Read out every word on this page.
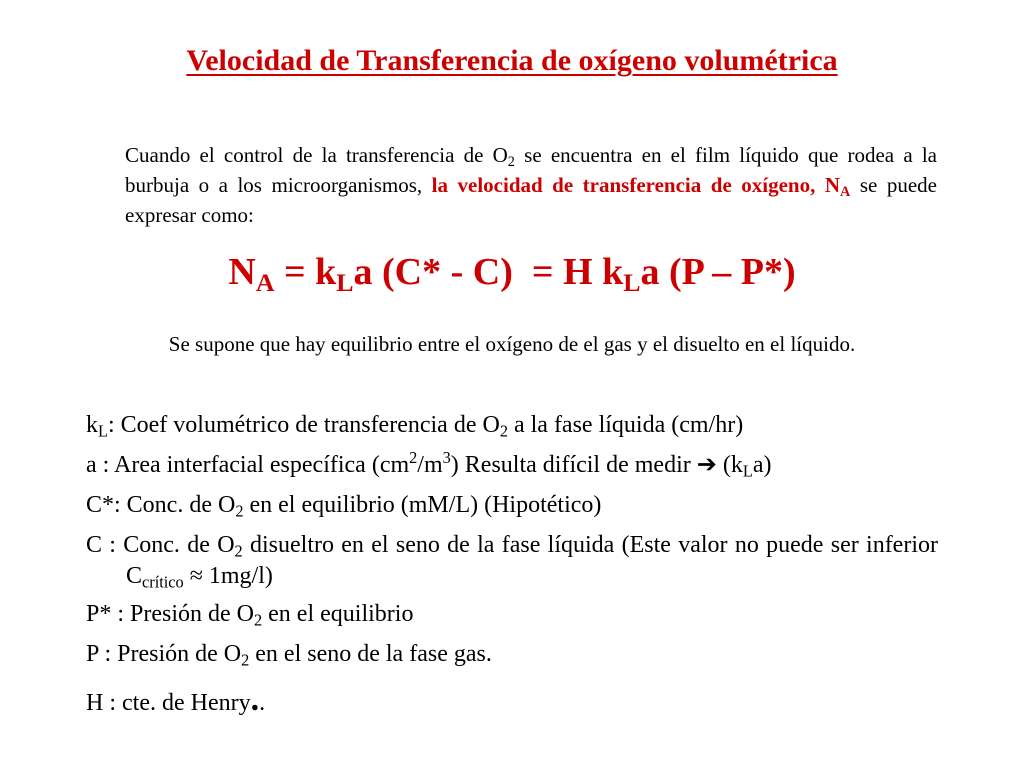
Velocidad de Transferencia de oxígeno volumétrica
Cuando el control de la transferencia de $O_2$ se encuentra en el film líquido que rodea a la burbuja o a los microorganismos, la velocidad de transferencia de oxígeno, $N_A$ se puede expresar como:
$N_A = k_La$ (C* - C)  = H $k_La$ (P – P*)
Se supone que hay equilibrio entre el oxígeno de el gas y el disuelto en el líquido.
$k_L$: Coef volumétrico de transferencia de $O_2$ a la fase líquida (cm/hr)
a : Area interfacial específica $(cm^2/m^3)$ Resulta difícil de medir ➔ $(k_La)$
C*: Conc. de $O_2$ en el equilibrio (mM/L) (Hipotético)
C : Conc. de $O_2$ disueltro en el seno de la fase líquida (Este valor no puede ser inferior $C_{crítico} \approx 1mg/l$)
P* : Presión de $O_2$ en el equilibrio
P : Presión de $O_2$ en el seno de la fase gas.
H : cte. de Henry..
